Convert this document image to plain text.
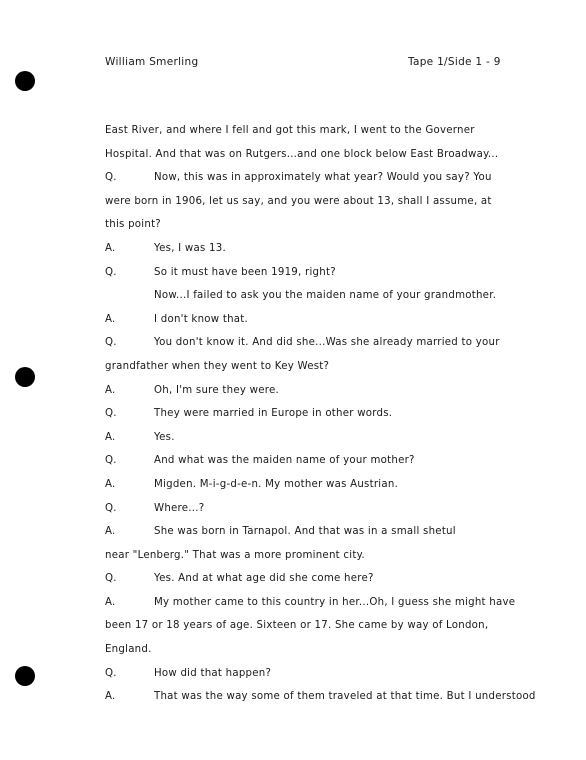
William Smerling	Tape 1/Side 1 - 9
East River, and where I fell and got this mark, I went to the Governer
Hospital. And that was on Rutgers...and one block below East Broadway...
Q.	Now, this was in approximately what year? Would you say? You
were born in 1906, let us say, and you were about 13, shall I assume, at
this point?
A.	Yes, I was 13.
Q.	So it must have been 1919, right?
Now...I failed to ask you the maiden name of your grandmother.
A.	I don't know that.
Q.	You don't know it. And did she...Was she already married to your
grandfather when they went to Key West?
A.	Oh, I'm sure they were.
Q.	They were married in Europe in other words.
A.	Yes.
Q.	And what was the maiden name of your mother?
A.	Migden. M-i-g-d-e-n. My mother was Austrian.
Q.	Where...?
A.	She was born in Tarnapol. And that was in a small shetul
near "Lenberg." That was a more prominent city.
Q.	Yes. And at what age did she come here?
A.	My mother came to this country in her...Oh, I guess she might have
been 17 or 18 years of age. Sixteen or 17. She came by way of London,
England.
Q.	How did that happen?
A.	That was the way some of them traveled at that time. But I understood
